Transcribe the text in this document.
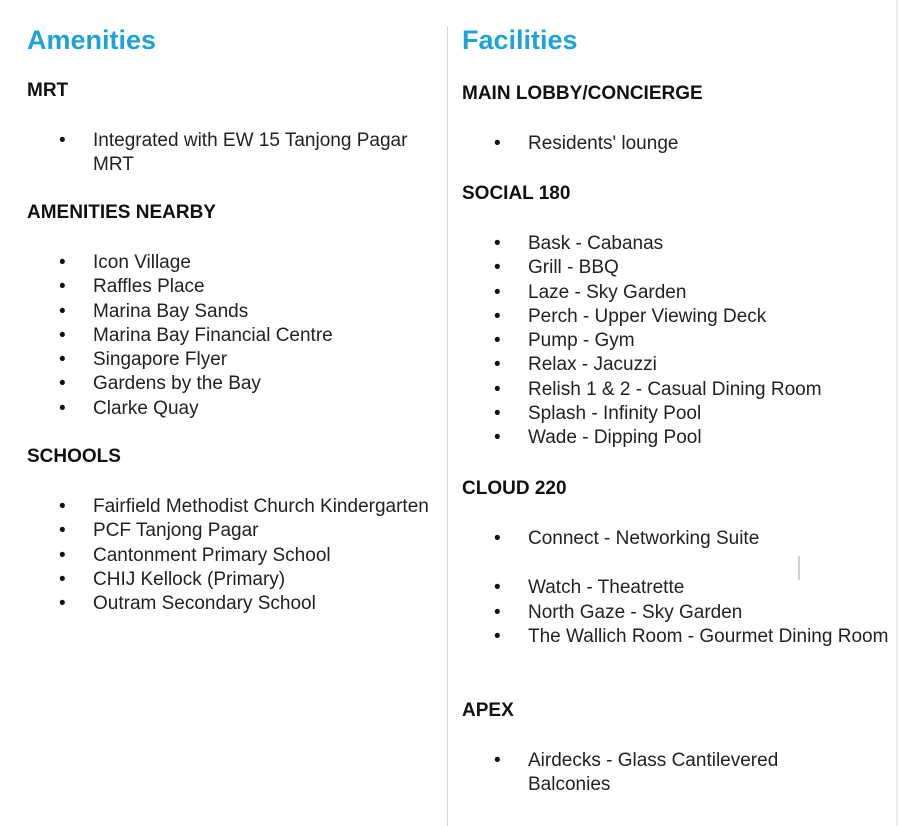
Amenities
MRT
• Integrated with EW 15 Tanjong Pagar MRT
AMENITIES NEARBY
• Icon Village
• Raffles Place
• Marina Bay Sands
• Marina Bay Financial Centre
• Singapore Flyer
• Gardens by the Bay
• Clarke Quay
SCHOOLS
• Fairfield Methodist Church Kindergarten
• PCF Tanjong Pagar
• Cantonment Primary School
• CHIJ Kellock (Primary)
• Outram Secondary School
Facilities
MAIN LOBBY/CONCIERGE
• Residents' lounge
SOCIAL 180
• Bask - Cabanas
• Grill - BBQ
• Laze - Sky Garden
• Perch - Upper Viewing Deck
• Pump - Gym
• Relax - Jacuzzi
• Relish 1 & 2 - Casual Dining Room
• Splash - Infinity Pool
• Wade - Dipping Pool
CLOUD 220
• Connect - Networking Suite
• Watch - Theatrette
• North Gaze - Sky Garden
• The Wallich Room - Gourmet Dining Room
APEX
• Airdecks - Glass Cantilevered Balconies
